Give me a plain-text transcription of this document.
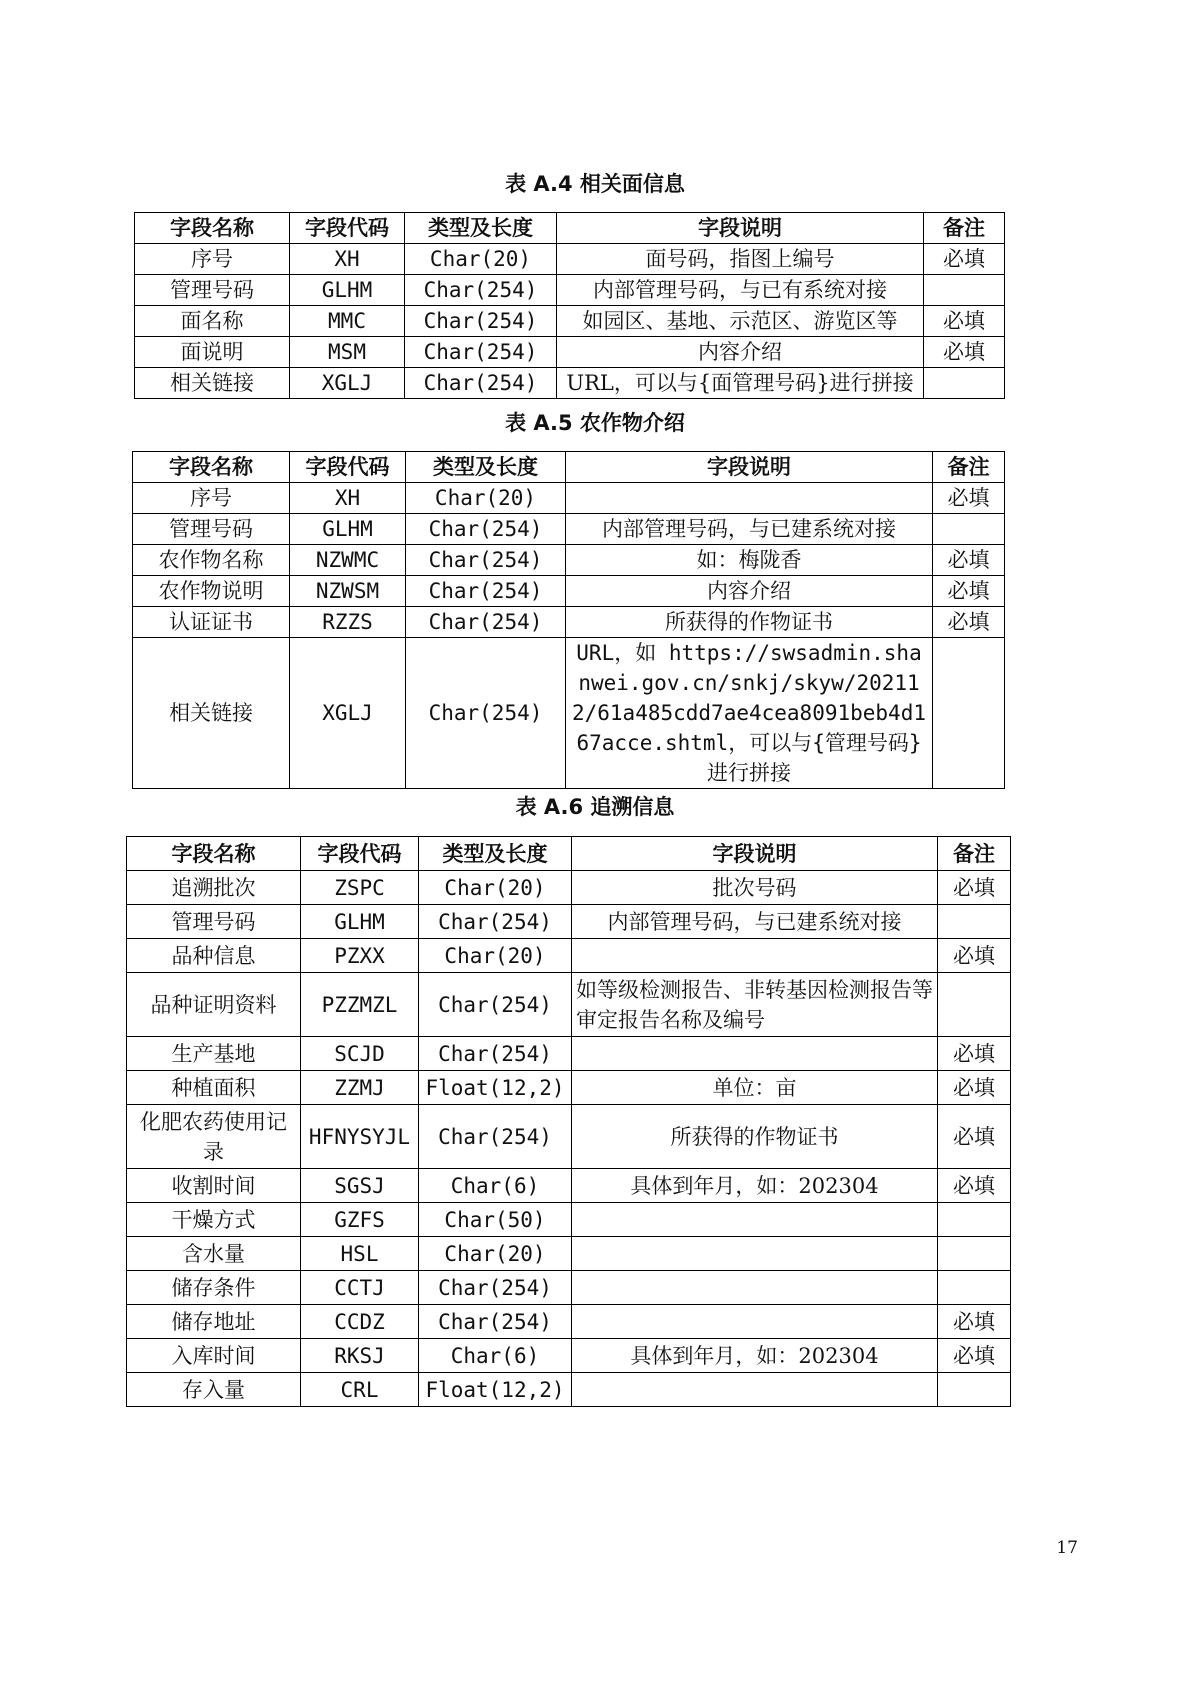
表 A.4 相关面信息
字段名称	字段代码	类型及长度	字段说明	备注
序号	XH	Char(20)	面号码，指图上编号	必填
管理号码	GLHM	Char(254)	内部管理号码，与已有系统对接	
面名称	MMC	Char(254)	如园区、基地、示范区、游览区等	必填
面说明	MSM	Char(254)	内容介绍	必填
相关链接	XGLJ	Char(254)	URL，可以与{面管理号码}进行拼接	
表 A.5 农作物介绍
字段名称	字段代码	类型及长度	字段说明	备注
序号	XH	Char(20)		必填
管理号码	GLHM	Char(254)	内部管理号码，与已建系统对接	
农作物名称	NZWMC	Char(254)	如：梅陇香	必填
农作物说明	NZWSM	Char(254)	内容介绍	必填
认证证书	RZZS	Char(254)	所获得的作物证书	必填
相关链接	XGLJ	Char(254)	URL，如 https://swsadmin.shanwei.gov.cn/snkj/skyw/202112/61a485cdd7ae4cea8091beb4d167acce.shtml，可以与{管理号码}进行拼接	
表 A.6 追溯信息
字段名称	字段代码	类型及长度	字段说明	备注
追溯批次	ZSPC	Char(20)	批次号码	必填
管理号码	GLHM	Char(254)	内部管理号码，与已建系统对接	
品种信息	PZXX	Char(20)		必填
品种证明资料	PZZMZL	Char(254)	如等级检测报告、非转基因检测报告等审定报告名称及编号	
生产基地	SCJD	Char(254)		必填
种植面积	ZZMJ	Float(12,2)	单位：亩	必填
化肥农药使用记录	HFNYSYJL	Char(254)	所获得的作物证书	必填
收割时间	SGSJ	Char(6)	具体到年月，如：202304	必填
干燥方式	GZFS	Char(50)		
含水量	HSL	Char(20)		
储存条件	CCTJ	Char(254)		
储存地址	CCDZ	Char(254)		必填
入库时间	RKSJ	Char(6)	具体到年月，如：202304	必填
存入量	CRL	Float(12,2)		
17
